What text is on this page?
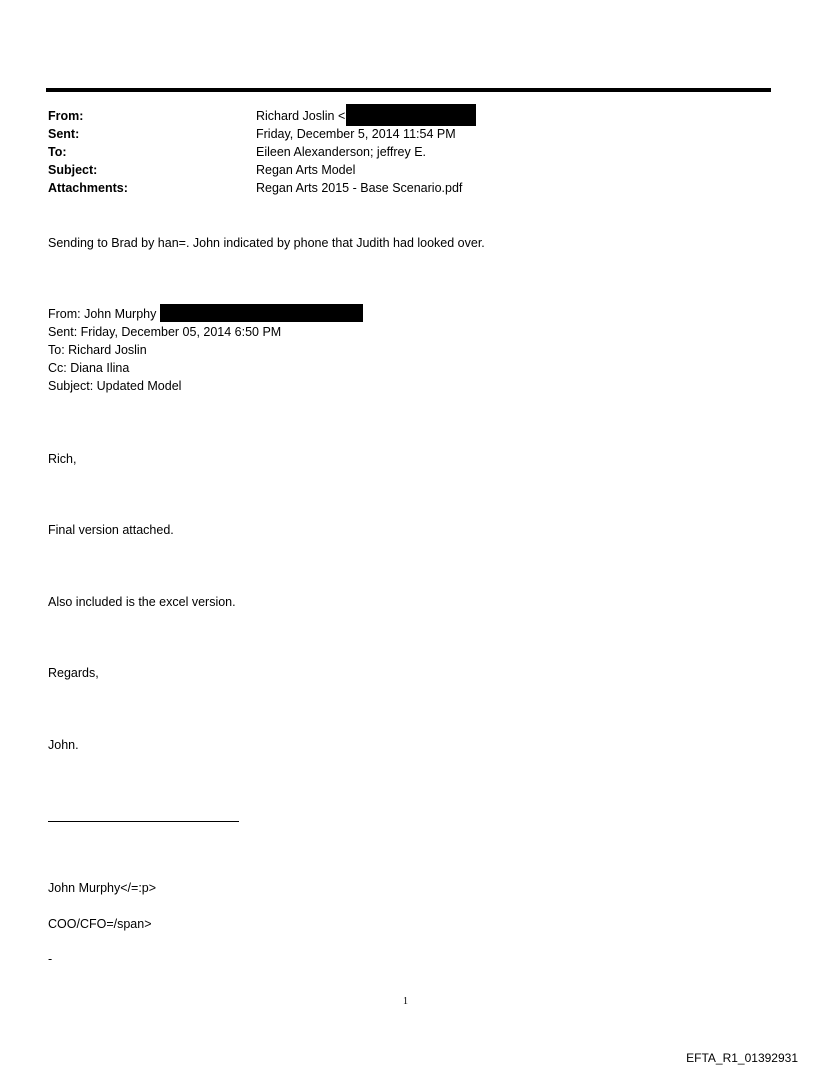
From:	Richard Joslin <
Sent:	Friday, December 5, 2014 11:54 PM
To:	Eileen Alexanderson; jeffrey E.
Subject:	Regan Arts Model
Attachments:	Regan Arts 2015 - Base Scenario.pdf
Sending to Brad by han=. John indicated by phone that Judith had looked over.
From: John Murphy
Sent: Friday, December 05, 2014 6:50 PM
To: Richard Joslin
Cc: Diana Ilina
Subject: Updated Model
Rich,
Final version attached.
Also included is the excel version.
Regards,
John.
John Murphy</=:p>
COO/CFO=/span>
-
1
EFTA_R1_01392931
